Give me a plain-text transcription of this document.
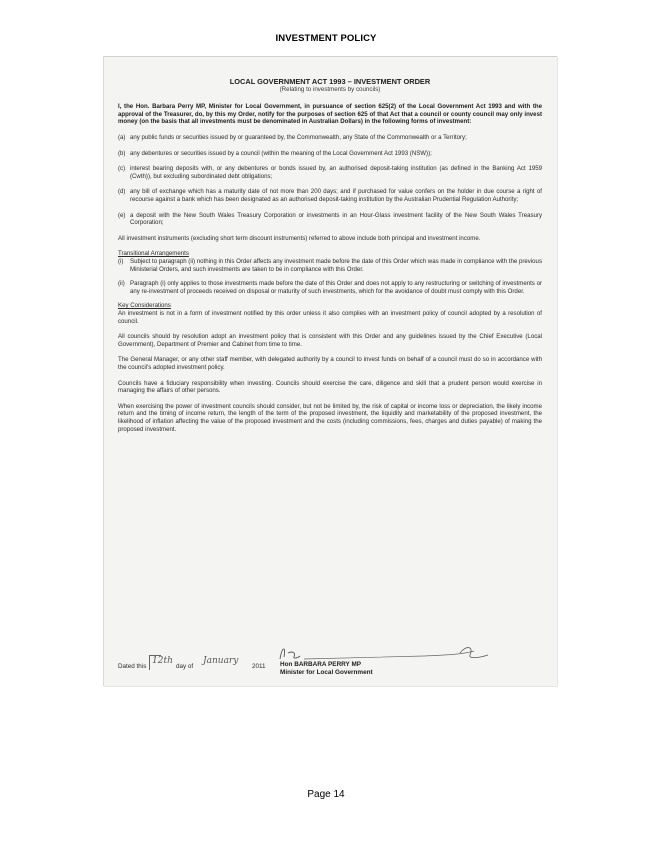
INVESTMENT POLICY
LOCAL GOVERNMENT ACT 1993 – INVESTMENT ORDER
(Relating to investments by councils)
I, the Hon. Barbara Perry MP, Minister for Local Government, in pursuance of section 625(2) of the Local Government Act 1993 and with the approval of the Treasurer, do, by this my Order, notify for the purposes of section 625 of that Act that a council or county council may only invest money (on the basis that all investments must be denominated in Australian Dollars) in the following forms of investment:
(a) any public funds or securities issued by or guaranteed by, the Commonwealth, any State of the Commonwealth or a Territory;
(b) any debentures or securities issued by a council (within the meaning of the Local Government Act 1993 (NSW));
(c) interest bearing deposits with, or any debentures or bonds issued by, an authorised deposit-taking institution (as defined in the Banking Act 1959 (Cwth)), but excluding subordinated debt obligations;
(d) any bill of exchange which has a maturity date of not more than 200 days; and if purchased for value confers on the holder in due course a right of recourse against a bank which has been designated as an authorised deposit-taking institution by the Australian Prudential Regulation Authority;
(e) a deposit with the New South Wales Treasury Corporation or investments in an Hour-Glass investment facility of the New South Wales Treasury Corporation;
All investment instruments (excluding short term discount instruments) referred to above include both principal and investment income.
Transitional Arrangements
(i)	Subject to paragraph (ii) nothing in this Order affects any investment made before the date of this Order which was made in compliance with the previous Ministerial Orders, and such investments are taken to be in compliance with this Order.
(ii) Paragraph (i) only applies to those investments made before the date of this Order and does not apply to any restructuring or switching of investments or any re-investment of proceeds received on disposal or maturity of such investments, which for the avoidance of doubt must comply with this Order.
Key Considerations
An investment is not in a form of investment notified by this order unless it also complies with an investment policy of council adopted by a resolution of council.
All councils should by resolution adopt an investment policy that is consistent with this Order and any guidelines issued by the Chief Executive (Local Government), Department of Premier and Cabinet from time to time.
The General Manager, or any other staff member, with delegated authority by a council to invest funds on behalf of a council must do so in accordance with the council's adopted investment policy.
Councils have a fiduciary responsibility when investing. Councils should exercise the care, diligence and skill that a prudent person would exercise in managing the affairs of other persons.
When exercising the power of investment councils should consider, but not be limited by, the risk of capital or income loss or depreciation, the likely income return and the timing of income return, the length of the term of the proposed investment, the liquidity and marketability of the proposed investment, the likelihood of inflation affecting the value of the proposed investment and the costs (including commissions, fees, charges and duties payable) of making the proposed investment.
Dated this
12th
day of
January
2011 Hon BARBARA PERRY MP
Minister for Local Government
Page 14
